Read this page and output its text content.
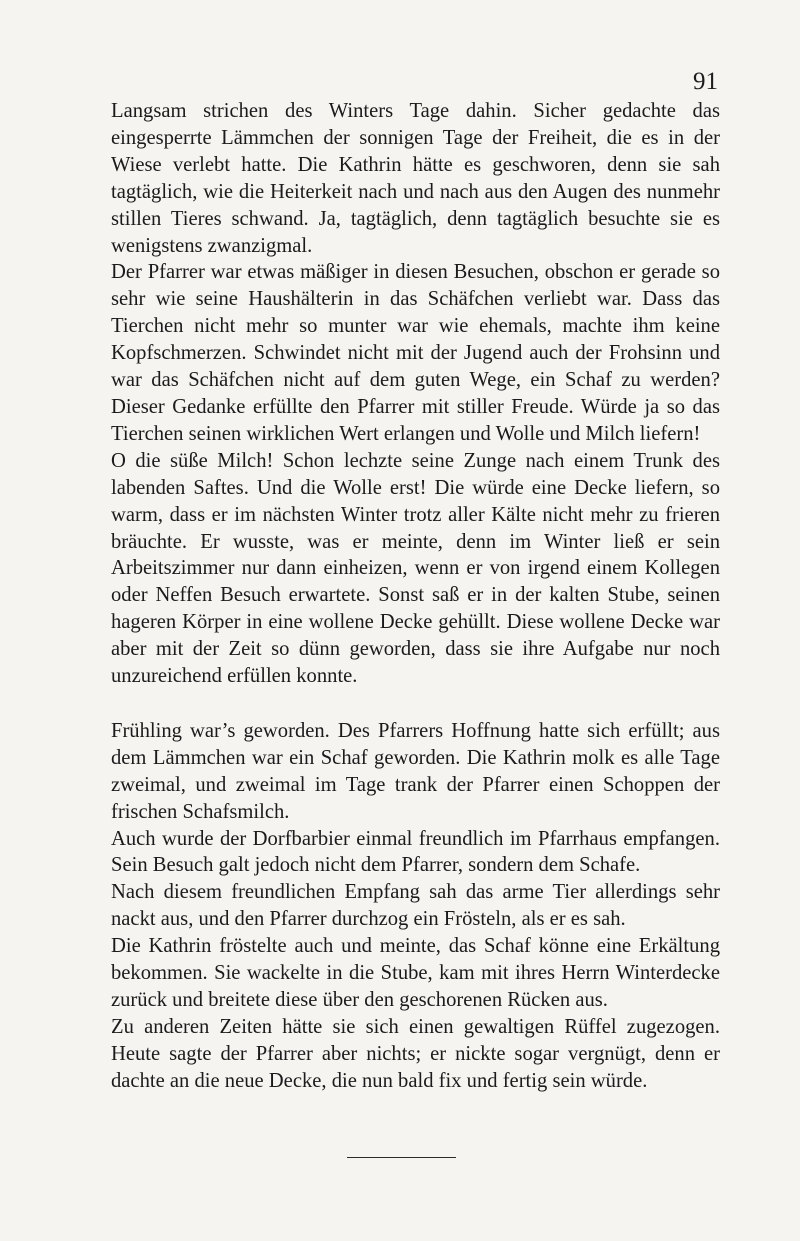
91

Langsam strichen des Winters Tage dahin. Sicher gedachte das eingesperrte Lämmchen der sonnigen Tage der Freiheit, die es in der Wiese verlebt hatte. Die Kathrin hätte es geschworen, denn sie sah tagtäglich, wie die Heiterkeit nach und nach aus den Augen des nunmehr stillen Tieres schwand. Ja, tagtäglich, denn tagtäglich besuchte sie es wenigstens zwanzigmal.

Der Pfarrer war etwas mäßiger in diesen Besuchen, obschon er gerade so sehr wie seine Haushälterin in das Schäfchen verliebt war. Dass das Tierchen nicht mehr so munter war wie ehemals, machte ihm keine Kopfschmerzen. Schwindet nicht mit der Jugend auch der Frohsinn und war das Schäfchen nicht auf dem guten Wege, ein Schaf zu werden? Dieser Gedanke erfüllte den Pfarrer mit stiller Freude. Würde ja so das Tierchen seinen wirklichen Wert erlangen und Wolle und Milch liefern!

O die süße Milch! Schon lechzte seine Zunge nach einem Trunk des labenden Saftes. Und die Wolle erst! Die würde eine Decke liefern, so warm, dass er im nächsten Winter trotz aller Kälte nicht mehr zu frieren bräuchte. Er wusste, was er meinte, denn im Winter ließ er sein Arbeitszimmer nur dann einheizen, wenn er von irgend einem Kollegen oder Neffen Besuch erwartete. Sonst saß er in der kalten Stube, seinen hageren Körper in eine wollene Decke gehüllt. Diese wollene Decke war aber mit der Zeit so dünn geworden, dass sie ihre Aufgabe nur noch unzureichend erfüllen konnte.

Frühling war’s geworden. Des Pfarrers Hoffnung hatte sich erfüllt; aus dem Lämmchen war ein Schaf geworden. Die Kathrin molk es alle Tage zweimal, und zweimal im Tage trank der Pfarrer einen Schoppen der frischen Schafsmilch.

Auch wurde der Dorfbarbier einmal freundlich im Pfarrhaus empfangen. Sein Besuch galt jedoch nicht dem Pfarrer, sondern dem Schafe.

Nach diesem freundlichen Empfang sah das arme Tier allerdings sehr nackt aus, und den Pfarrer durchzog ein Frösteln, als er es sah.

Die Kathrin fröstelte auch und meinte, das Schaf könne eine Erkältung bekommen. Sie wackelte in die Stube, kam mit ihres Herrn Winterdecke zurück und breitete diese über den geschorenen Rücken aus.

Zu anderen Zeiten hätte sie sich einen gewaltigen Rüffel zugezogen. Heute sagte der Pfarrer aber nichts; er nickte sogar vergnügt, denn er dachte an die neue Decke, die nun bald fix und fertig sein würde.
